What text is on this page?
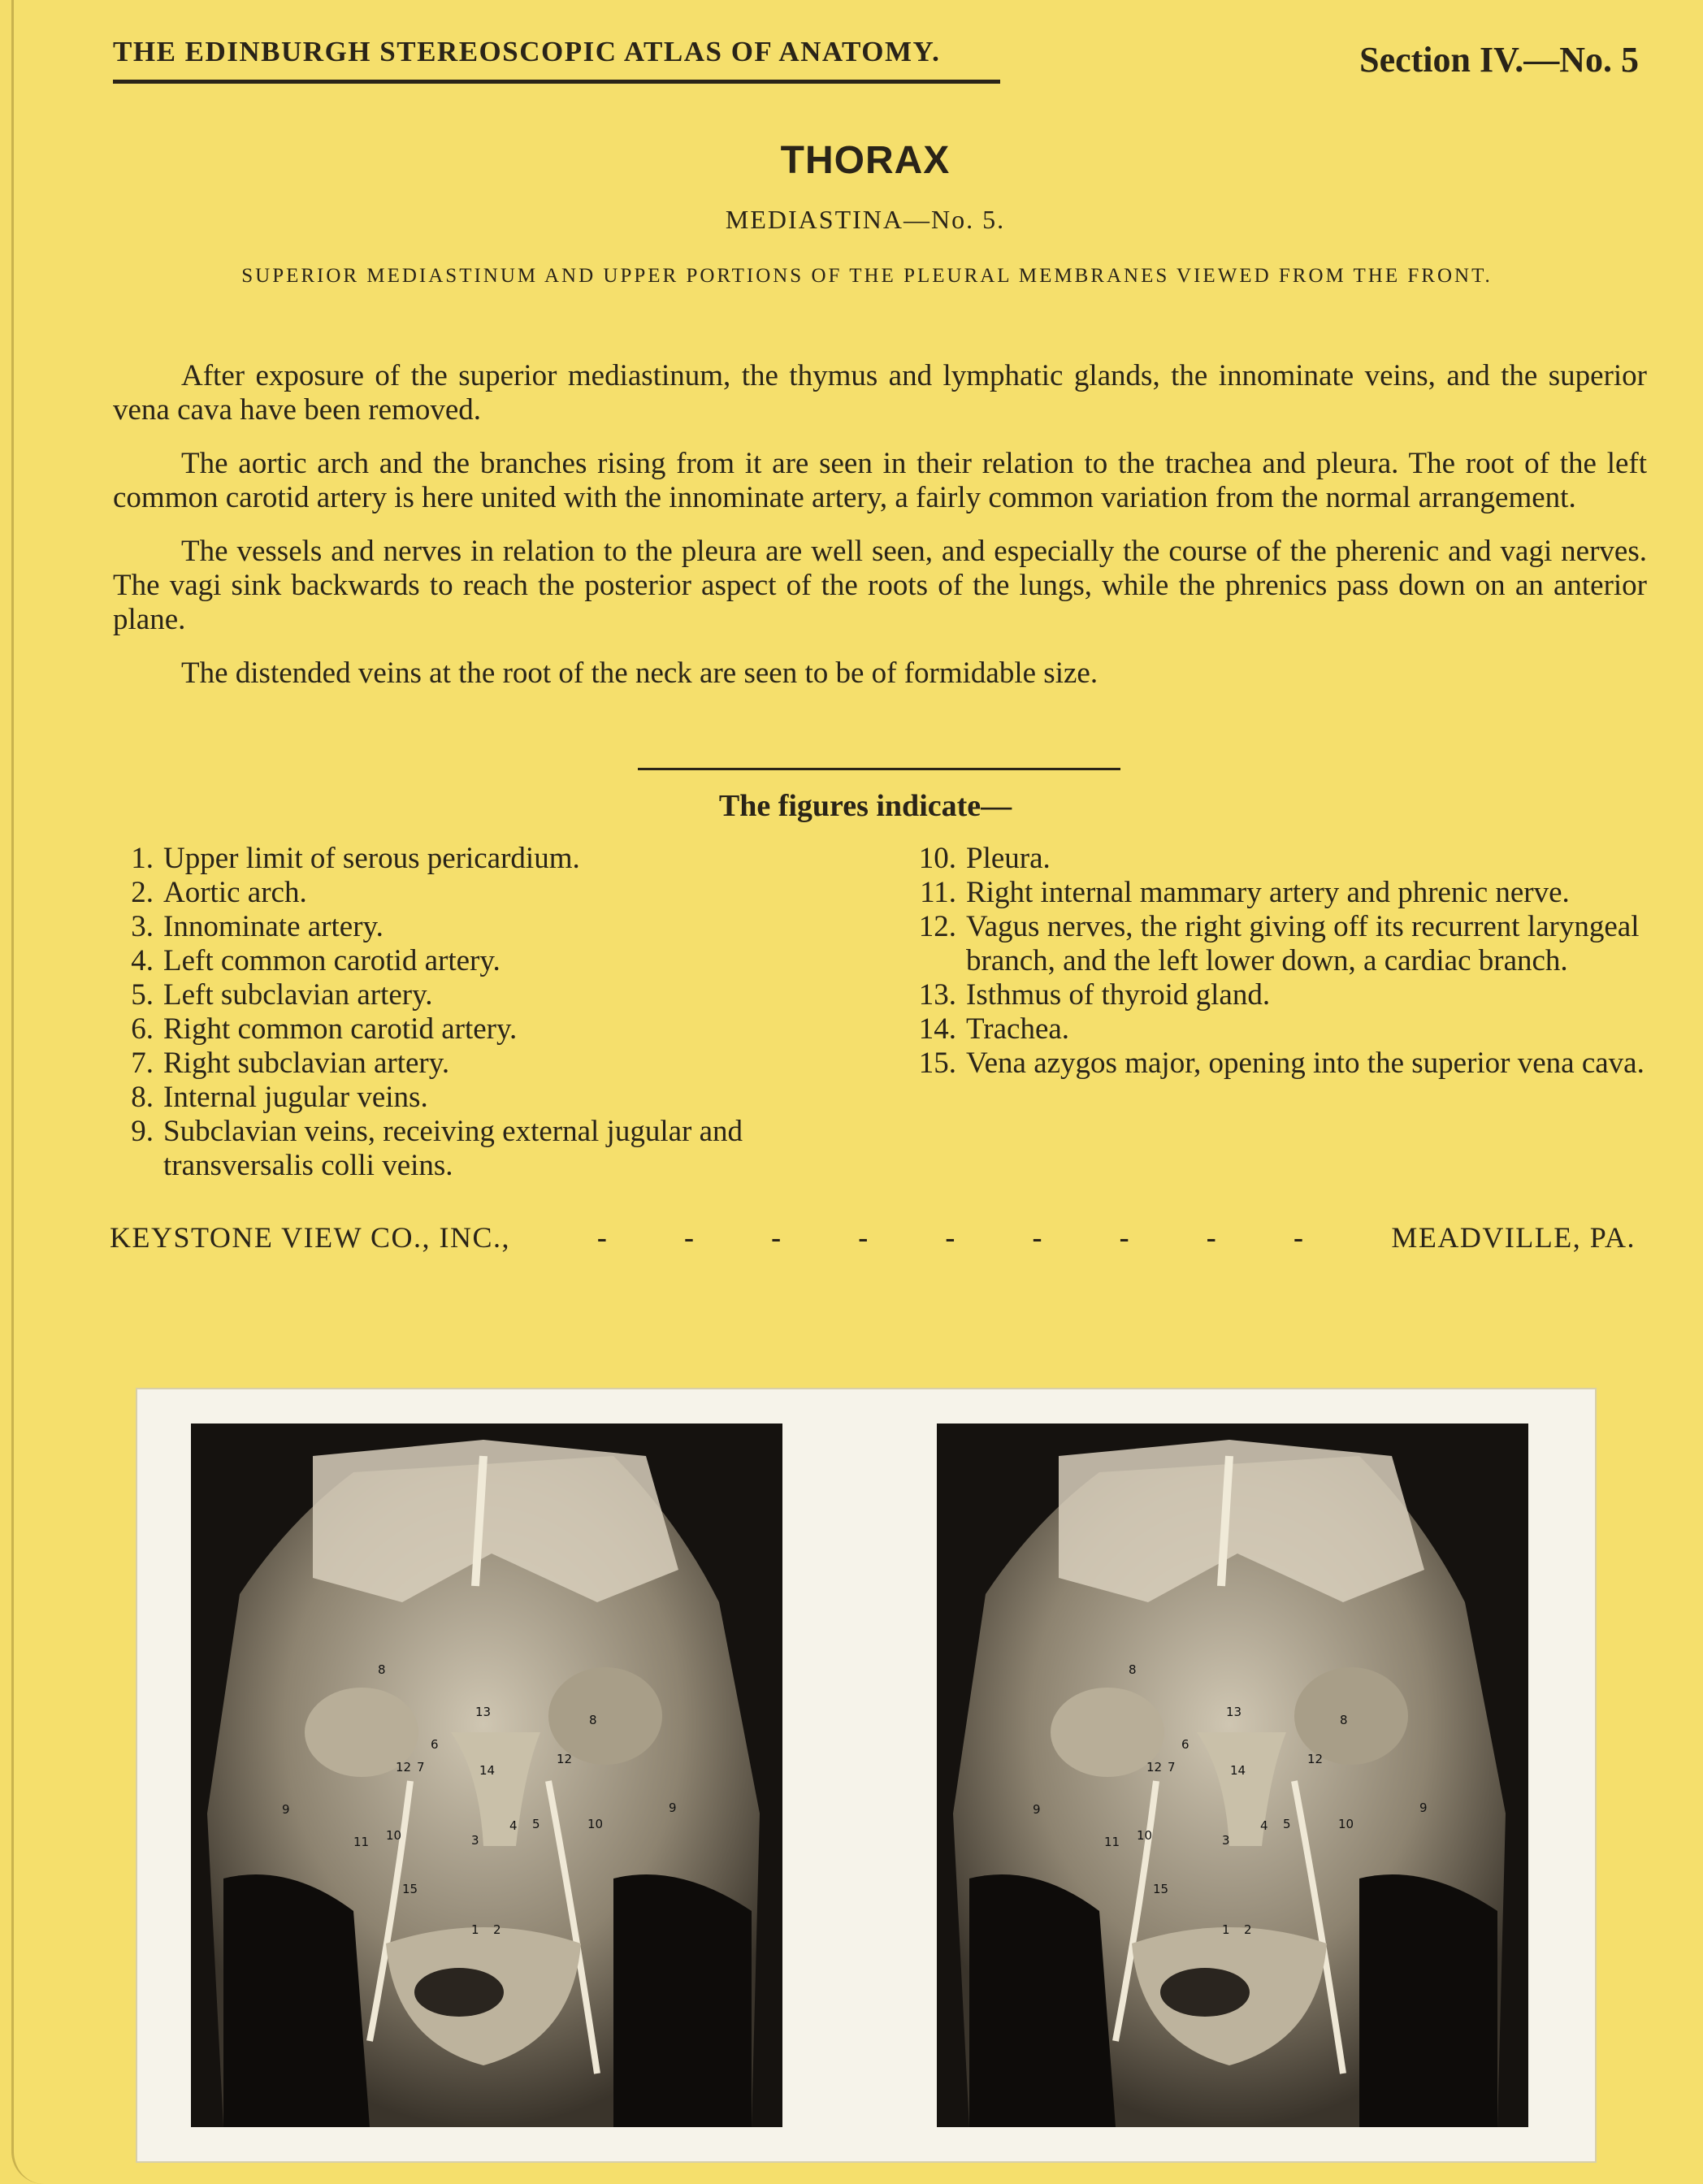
THE EDINBURGH STEREOSCOPIC ATLAS OF ANATOMY.	Section IV.—No. 5
THORAX
MEDIASTINA—No. 5.
SUPERIOR MEDIASTINUM AND UPPER PORTIONS OF THE PLEURAL MEMBRANES VIEWED FROM THE FRONT.

After exposure of the superior mediastinum, the thymus and lymphatic glands, the innominate veins, and the superior vena cava have been removed.

The aortic arch and the branches rising from it are seen in their relation to the trachea and pleura. The root of the left common carotid artery is here united with the innominate artery, a fairly common variation from the normal arrangement.

The vessels and nerves in relation to the pleura are well seen, and especially the course of the pherenic and vagi nerves. The vagi sink backwards to reach the posterior aspect of the roots of the lungs, while the phrenics pass down on an anterior plane.

The distended veins at the root of the neck are seen to be of formidable size.

The figures indicate—
1. Upper limit of serous pericardium.
2. Aortic arch.
3. Innominate artery.
4. Left common carotid artery.
5. Left subclavian artery.
6. Right common carotid artery.
7. Right subclavian artery.
8. Internal jugular veins.
9. Subclavian veins, receiving external jugular and transversalis colli veins.
10. Pleura.
11. Right internal mammary artery and phrenic nerve.
12. Vagus nerves, the right giving off its recurrent laryngeal branch, and the left lower down, a cardiac branch.
13. Isthmus of thyroid gland.
14. Trachea.
15. Vena azygos major, opening into the superior vena cava.
KEYSTONE VIEW CO., INC.,	-	-	-	-	-	-	-	-	-	MEADVILLE, PA.
8
13
6
12 7	14
8
12
9
11 10	3
4 5	10
9
15
1 2
8
13
6
12 7	14
8
12
9
11 10	3
4 5	10
9
15
1 2
